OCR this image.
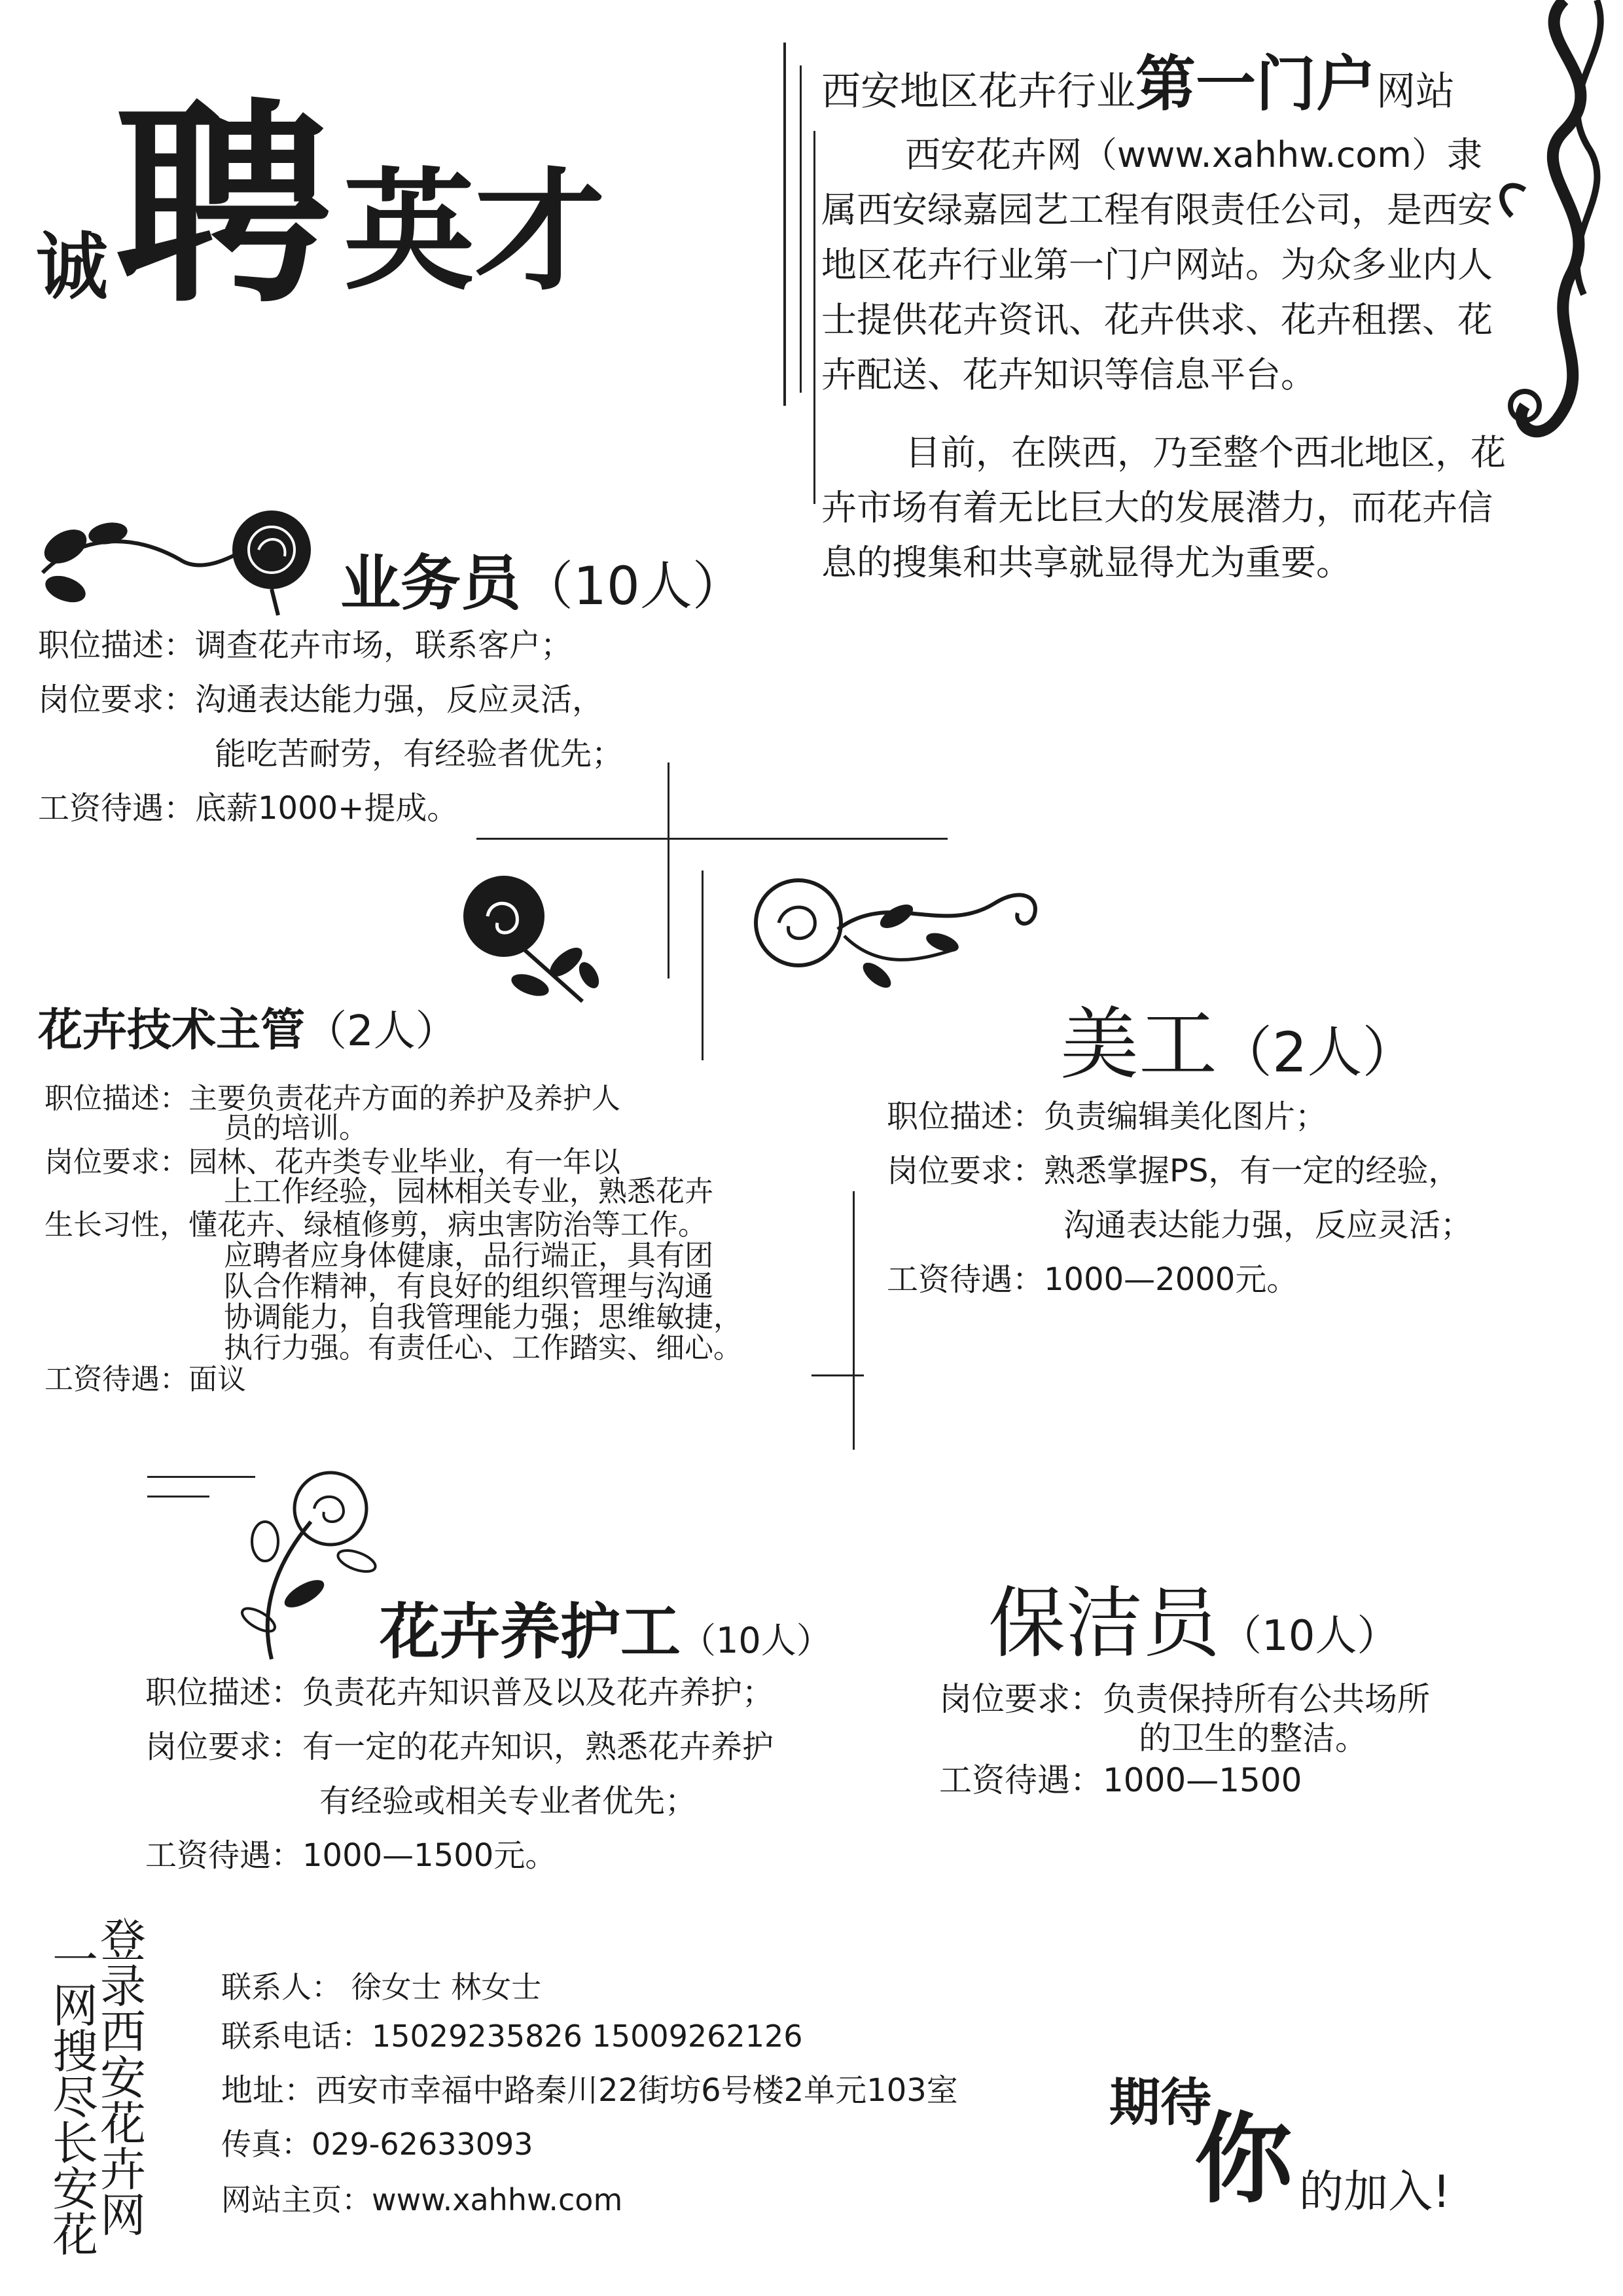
诚 聘 英才
西安地区花卉行业第一门户网站
西安花卉网（www.xahhw.com）隶属西安绿嘉园艺工程有限责任公司，是西安地区花卉行业第一门户网站。为众多业内人士提供花卉资讯、花卉供求、花卉租摆、花卉配送、花卉知识等信息平台。
目前，在陕西，乃至整个西北地区，花卉市场有着无比巨大的发展潜力，而花卉信息的搜集和共享就显得尤为重要。
业务员（10人）
职位描述：调查花卉市场，联系客户；
岗位要求：沟通表达能力强，反应灵活，
能吃苦耐劳，有经验者优先；
工资待遇：底薪1000+提成。
花卉技术主管（2人）
职位描述：主要负责花卉方面的养护及养护人
员的培训。
岗位要求：园林、花卉类专业毕业，有一年以
上工作经验，园林相关专业，熟悉花卉
生长习性，懂花卉、绿植修剪，病虫害防治等工作。
应聘者应身体健康，品行端正，具有团
队合作精神，有良好的组织管理与沟通
协调能力，自我管理能力强；思维敏捷，
执行力强。有责任心、工作踏实、细心。
工资待遇：面议
美工（2人）
职位描述：负责编辑美化图片；
岗位要求：熟悉掌握PS，有一定的经验，
沟通表达能力强，反应灵活；
工资待遇：1000—2000元。
花卉养护工（10人）
职位描述：负责花卉知识普及以及花卉养护；
岗位要求：有一定的花卉知识，熟悉花卉养护
有经验或相关专业者优先；
工资待遇：1000—1500元。
保洁员（10人）
岗位要求：负责保持所有公共场所
的卫生的整洁。
工资待遇：1000—1500
一
网
搜
尽
长
安
花
登
录
西
安
花
卉
网
联系人： 徐女士 林女士
联系电话：15029235826 15009262126
地址：西安市幸福中路秦川22街坊6号楼2单元103室
传真：029-62633093
网站主页：www.xahhw.com
期待
你 的加入!
